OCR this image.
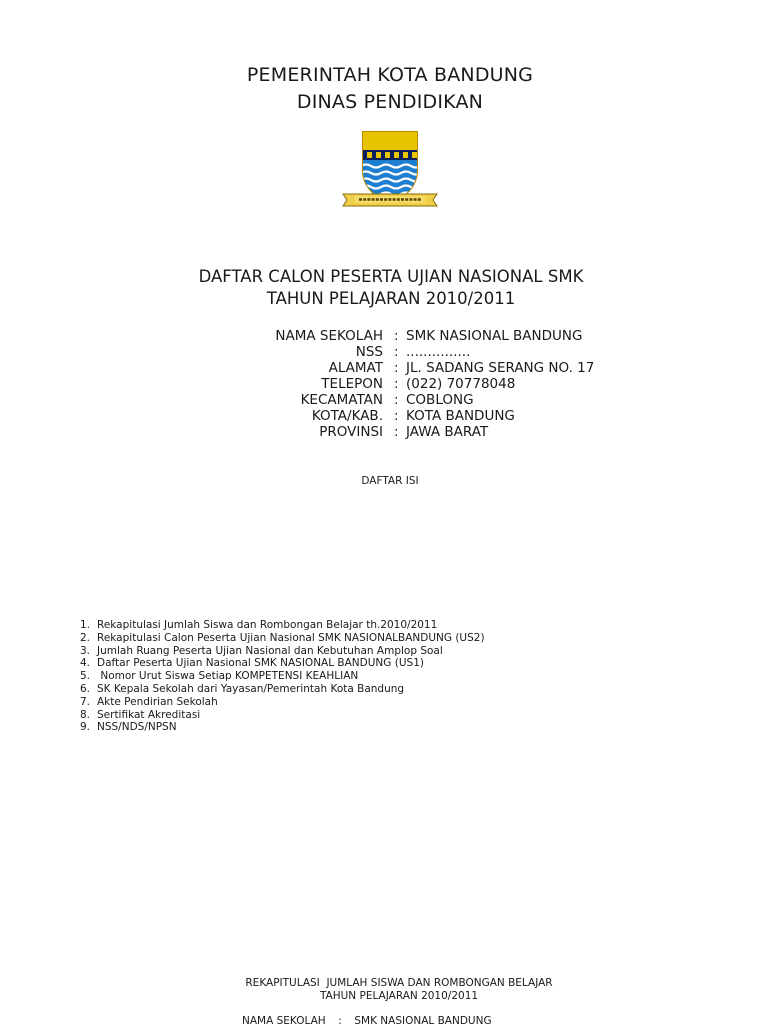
PEMERINTAH KOTA BANDUNG
DINAS PENDIDIKAN
DAFTAR CALON PESERTA UJIAN NASIONAL SMK
TAHUN PELAJARAN 2010/2011
NAMA SEKOLAH : SMK NASIONAL BANDUNG
NSS : ...............
ALAMAT : JL. SADANG SERANG NO. 17
TELEPON : (022) 70778048
KECAMATAN : COBLONG
KOTA/KAB. : KOTA BANDUNG
PROVINSI : JAWA BARAT
DAFTAR ISI
1. Rekapitulasi Jumlah Siswa dan Rombongan Belajar th.2010/2011
2. Rekapitulasi Calon Peserta Ujian Nasional SMK NASIONALBANDUNG (US2)
3. Jumlah Ruang Peserta Ujian Nasional dan Kebutuhan Amplop Soal
4. Daftar Peserta Ujian Nasional SMK NASIONAL BANDUNG (US1)
5. Nomor Urut Siswa Setiap KOMPETENSI KEAHLIAN
6. SK Kepala Sekolah dari Yayasan/Pemerintah Kota Bandung
7. Akte Pendirian Sekolah
8. Sertifikat Akreditasi
9. NSS/NDS/NPSN
REKAPITULASI  JUMLAH SISWA DAN ROMBONGAN BELAJAR
TAHUN PELAJARAN 2010/2011
NAMA SEKOLAH : SMK NASIONAL BANDUNG
